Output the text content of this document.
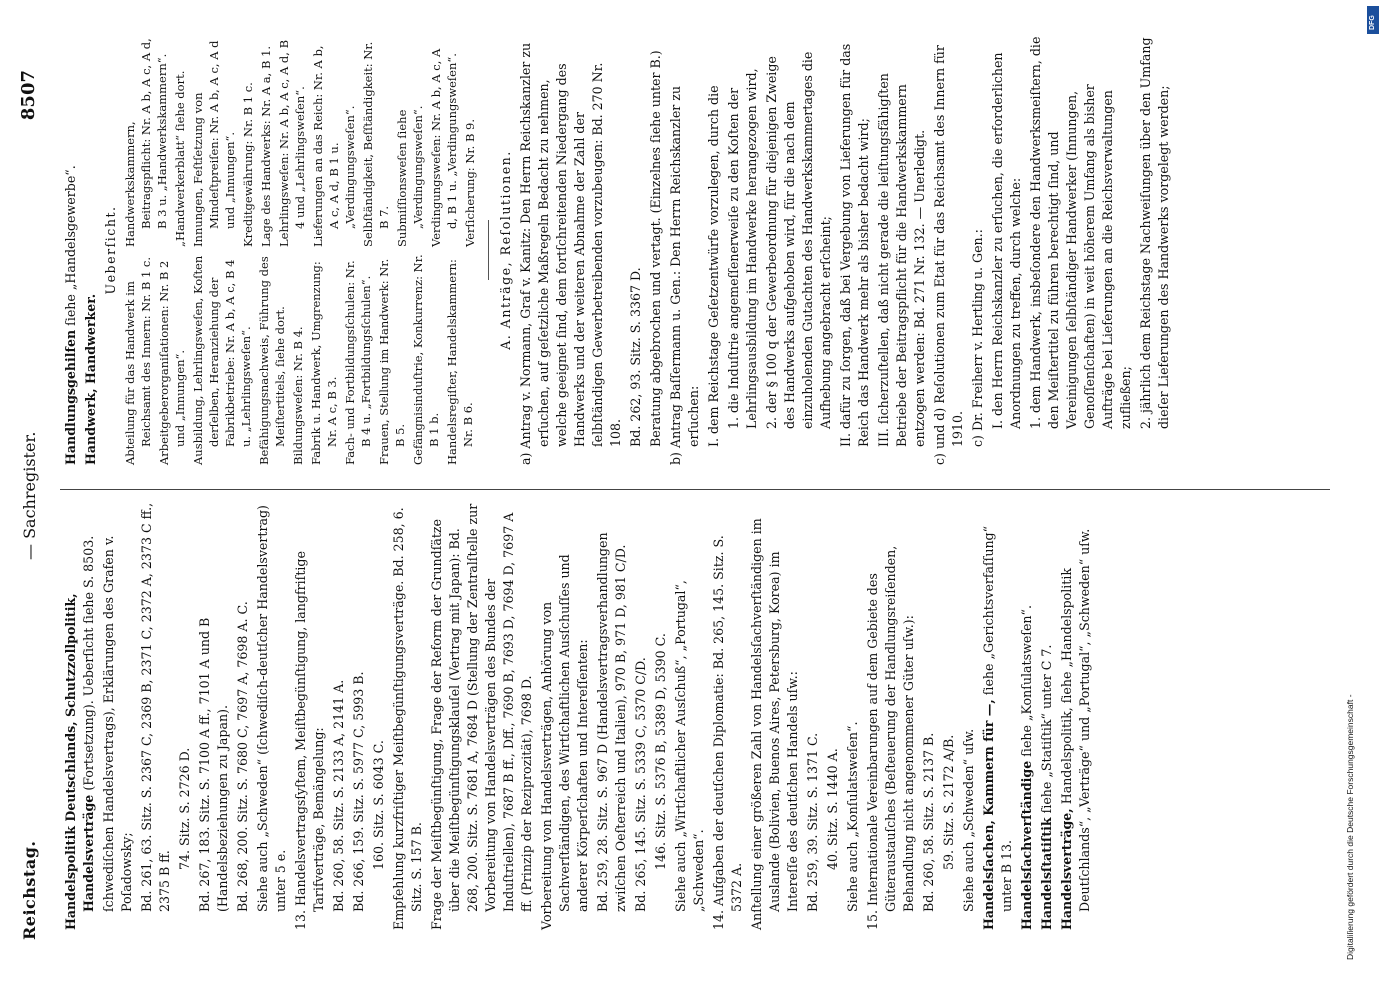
Reichstag.
— Sachregister.
8507

Handelspolitik Deutschlands, Schutzzollpolitik, Handelsverträge (Fortsetzung). Ueberſicht ſiehe S. 8503. ſchwediſchen Handelsvertrags), Erklärungen des Grafen v. Poſadowsky; Bd. 261, 63. Sitz. S. 2367 C, 2369 B, 2371 C, 2372 A, 2373 C ff., 2375 B ff.

74. Sitz. S. 2726 D. Bd. 267, 183. Sitz. S. 7100 A ff., 7101 A und B (Handelsbeziehungen zu Japan). Bd. 268, 200. Sitz. S. 7680 C, 7697 A, 7698 A. C. Siehe auch „Schweden“ (ſchwediſch-deutſcher Handelsvertrag) unter 5 e. 13. Handelsvertragsſyſtem, Meiſtbegünſtigung, langfriſtige Tarifverträge, Bemängelung: Bd. 260, 58. Sitz. S. 2133 A, 2141 A. Bd. 266, 159. Sitz. S. 5977 C, 5993 B. 160. Sitz. S. 6043 C. Empfehlung kurzfriſtiger Meiſtbegünſtigungsverträge. Bd. 258, 6. Sitz. S. 157 B. Frage der Meiſtbegünſtigung, Frage der Reform der Grundſätze über die Meiſtbegünſtigungsklauſel (Vertrag mit Japan): Bd. 268, 200. Sitz. S. 7681 A, 7684 D (Stellung der Zentralſtelle zur Vorbereitung von Handelsverträgen des Bundes der Induſtriellen), 7687 B ff., Dff., 7690 B, 7693 D, 7694 D, 7697 A ff. (Prinzip der Reziprozität), 7698 D. Vorbereitung von Handelsverträgen, Anhörung von Sachverſtändigen, des Wirtſchaftlichen Ausſchuſſes und anderer Körperſchaften und Intereſſenten: Bd. 259, 28. Sitz. S. 967 D (Handelsvertragsverhandlungen zwiſchen Oeſterreich und Italien), 970 B, 971 D, 981 C/D. Bd. 265, 145. Sitz. S. 5339 C, 5370 C/D. 146. Sitz. S. 5376 B, 5389 D, 5390 C. Siehe auch „Wirtſchaftlicher Ausſchuß“, „Portugal“, „Schweden“. 14. Aufgaben der deutſchen Diplomatie: Bd. 265, 145. Sitz. S. 5372 A. Anſtellung einer größeren Zahl von Handelsſachverſtändigen im Auslande (Bolivien, Buenos Aires, Petersburg, Korea) im Intereſſe des deutſchen Handels uſw.: Bd. 259, 39. Sitz. S. 1371 C. 40. Sitz. S. 1440 A. Siehe auch „Konſulatsweſen“. 15. Internationale Vereinbarungen auf dem Gebiete des Güteraustauſches (Beſteuerung der Handlungsreiſenden, Behandlung nicht angenommener Güter uſw.): Bd. 260, 58. Sitz. S. 2137 B. 59. Sitz. S. 2172 A/B. Siehe auch „Schweden“ uſw. Handelsſachen, Kammern für —, ſiehe „Gerichtsverfaſſung“ unter B 13. Handelsſachverſtändige ſiehe „Konſulatsweſen“.

Handelsſtatiſtik ſiehe „Statiſtik“ unter C 7.

Handelsverträge, Handelspolitik, ſiehe „Handelspolitik Deutſchlands“, „Verträge“ und „Portugal“, „Schweden“ uſw.

Handlungsgehilfen ſiehe „Handelsgewerbe“.

Handwerk, Handwerker.

Ueberſicht.

Abteilung für das Handwerk im Reichsamt des Innern: Nr. B 1 c. Arbeitgeberorganiſationen: Nr. B 2 und „Innungen“. Ausbildung, Lehrlingsweſen, Koſten derſelben, Heranziehung der Fabrikbetriebe: Nr. A b, A c, B 4 u. „Lehrlingsweſen“. Befähigungsnachweis, Führung des Meiſtertitels, ſiehe dort. Bildungsweſen: Nr. B 4. Fabrik u. Handwerk, Umgrenzung: Nr. A c, B 3. Fach- und Fortbildungsſchulen: Nr. B 4 u. „Fortbildungsſchulen“. Frauen, Stellung im Handwerk: Nr. B 5. Gefängnisinduſtrie, Konkurrenz: Nr. B 1 b. Handelsregiſter, Handelskammern: Nr. B 6.

Handwerkskammern, Beitragspflicht: Nr. A b, A c, A d, B 3 u. „Handwerkskammern“. „Handwerkerblatt“ ſiehe dort. Innungen, Feſtſetzung von Mindeſtpreiſen: Nr. A b, A c, A d und „Innungen“. Kreditgewährung: Nr. B 1 c. Lage des Handwerks: Nr. A a, B 1. Lehrlingsweſen: Nr. A b, A c, A d, B 4 und „Lehrlingsweſen“. Lieferungen an das Reich: Nr. A b, A c, A d, B 1 u. „Verdingungsweſen“. Selbſtändigkeit, Beſſtändigkeit: Nr. B 7. Submiſſionsweſen ſiehe „Verdingungsweſen“. Verdingungsweſen: Nr. A b, A c, A d, B 1 u. „Verdingungsweſen“. Verſicherung: Nr. B 9. A. Anträge, Reſolutionen. a) Antrag v. Normann, Graf v. Kanitz: Den Herrn Reichskanzler zu erſuchen, auf geſetzliche Maßregeln Bedacht zu nehmen, welche geeignet ſind, dem fortſchreitenden Niedergang des Handwerks und der weiteren Abnahme der Zahl der ſelbſtändigen Gewerbetreibenden vorzubeugen: Bd. 270 Nr. 108. Bd. 262, 93. Sitz. S. 3367 D. Beratung abgebrochen und vertagt. (Einzelnes ſiehe unter B.) b) Antrag Baſſermann u. Gen.: Den Herrn Reichskanzler zu erſuchen: I. dem Reichstage Geſetzentwürfe vorzulegen, durch die 1. die Induſtrie angemeſſenerweiſe zu den Koſten der Lehrlingsausbildung im Handwerke herangezogen wird, 2. der § 100 q der Gewerbeordnung für diejenigen Zweige des Handwerks aufgehoben wird, für die nach dem einzuholenden Gutachten des Handwerkskammertages die Aufhebung angebracht erſcheint; II. dafür zu ſorgen, daß bei Vergebung von Lieferungen für das Reich das Handwerk mehr als bisher bedacht wird; III. ſicherzuſtellen, daß nicht gerade die leiſtungsfähigſten Betriebe der Beitragspflicht für die Handwerkskammern entzogen werden: Bd. 271 Nr. 132. — Unerledigt. c) und d) Reſolutionen zum Etat für das Reichsamt des Innern für 1910. c) Dr. Freiherr v. Hertling u. Gen.: I. den Herrn Reichskanzler zu erſuchen, die erforderlichen Anordnungen zu treffen, durch welche: 1. dem Handwerk, insbeſondere den Handwerksmeiſtern, die den Meiſtertitel zu führen berechtigt ſind, und Vereinigungen ſelbſtändiger Handwerker (Innungen, Genoſſenſchaften) in weit höherem Umfang als bisher Aufträge bei Lieferungen an die Reichsverwaltungen zufließen; 2. jährlich dem Reichstage Nachweiſungen über den Umfang dieſer Lieferungen des Handwerks vorgelegt werden;

DFG
Digitaliſierung gefördert durch die Deutsche Forschungsgemeinschaft -
